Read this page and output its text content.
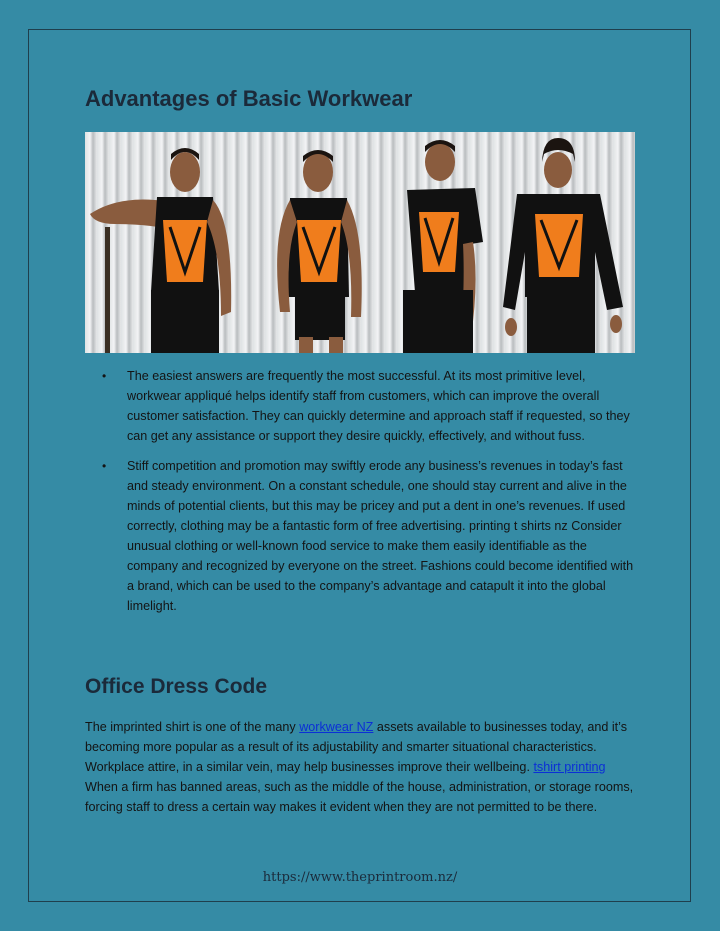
Advantages of Basic Workwear
• The easiest answers are frequently the most successful. At its most primitive level, workwear appliqué helps identify staff from customers, which can improve the overall customer satisfaction. They can quickly determine and approach staff if requested, so they can get any assistance or support they desire quickly, effectively, and without fuss.
• Stiff competition and promotion may swiftly erode any business’s revenues in today’s fast and steady environment. On a constant schedule, one should stay current and alive in the minds of potential clients, but this may be pricey and put a dent in one’s revenues. If used correctly, clothing may be a fantastic form of free advertising. printing t shirts nz Consider unusual clothing or well-known food service to make them easily identifiable as the company and recognized by everyone on the street. Fashions could become identified with a brand, which can be used to the company’s advantage and catapult it into the global limelight.
Office Dress Code

The imprinted shirt is one of the many workwear NZ assets available to businesses today, and it’s becoming more popular as a result of its adjustability and smarter situational characteristics. Workplace attire, in a similar vein, may help businesses improve their wellbeing. tshirt printing When a firm has banned areas, such as the middle of the house, administration, or storage rooms, forcing staff to dress a certain way makes it evident when they are not permitted to be there.

https://www.theprintroom.nz/
